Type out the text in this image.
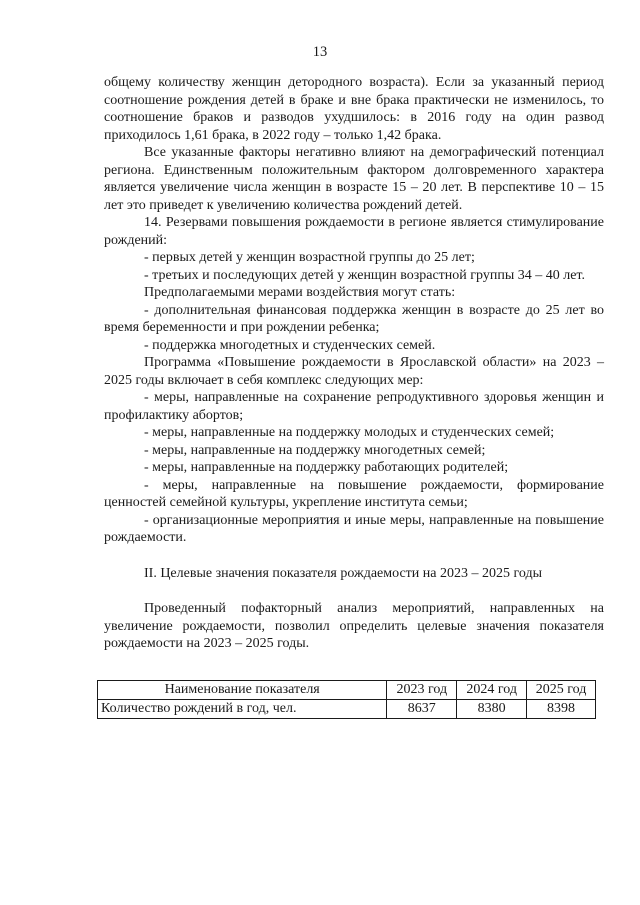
13

общему количеству женщин детородного возраста). Если за указанный период соотношение рождения детей в браке и вне брака практически не изменилось, то соотношение браков и разводов ухудшилось: в 2016 году на один развод приходилось 1,61 брака, в 2022 году – только 1,42 брака.

Все указанные факторы негативно влияют на демографический потенциал региона. Единственным положительным фактором долговременного характера является увеличение числа женщин в возрасте 15 – 20 лет. В перспективе 10 – 15 лет это приведет к увеличению количества рождений детей.

14. Резервами повышения рождаемости в регионе является стимулирование рождений:

- первых детей у женщин возрастной группы до 25 лет;

- третьих и последующих детей у женщин возрастной группы 34 – 40 лет.

Предполагаемыми мерами воздействия могут стать:

- дополнительная финансовая поддержка женщин в возрасте до 25 лет во время беременности и при рождении ребенка;

- поддержка многодетных и студенческих семей.

Программа «Повышение рождаемости в Ярославской области» на 2023 – 2025 годы включает в себя комплекс следующих мер:

- меры, направленные на сохранение репродуктивного здоровья женщин и профилактику абортов;

- меры, направленные на поддержку молодых и студенческих семей;

- меры, направленные на поддержку многодетных семей;

- меры, направленные на поддержку работающих родителей;

- меры, направленные на повышение рождаемости, формирование ценностей семейной культуры, укрепление института семьи;

- организационные мероприятия и иные меры, направленные на повышение рождаемости.

II. Целевые значения показателя рождаемости на 2023 – 2025 годы

Проведенный пофакторный анализ мероприятий, направленных на увеличение рождаемости, позволил определить целевые значения показателя рождаемости на 2023 – 2025 годы.

Наименование показателя	2023 год	2024 год	2025 год
Количество рождений в год, чел.	8637	8380	8398
